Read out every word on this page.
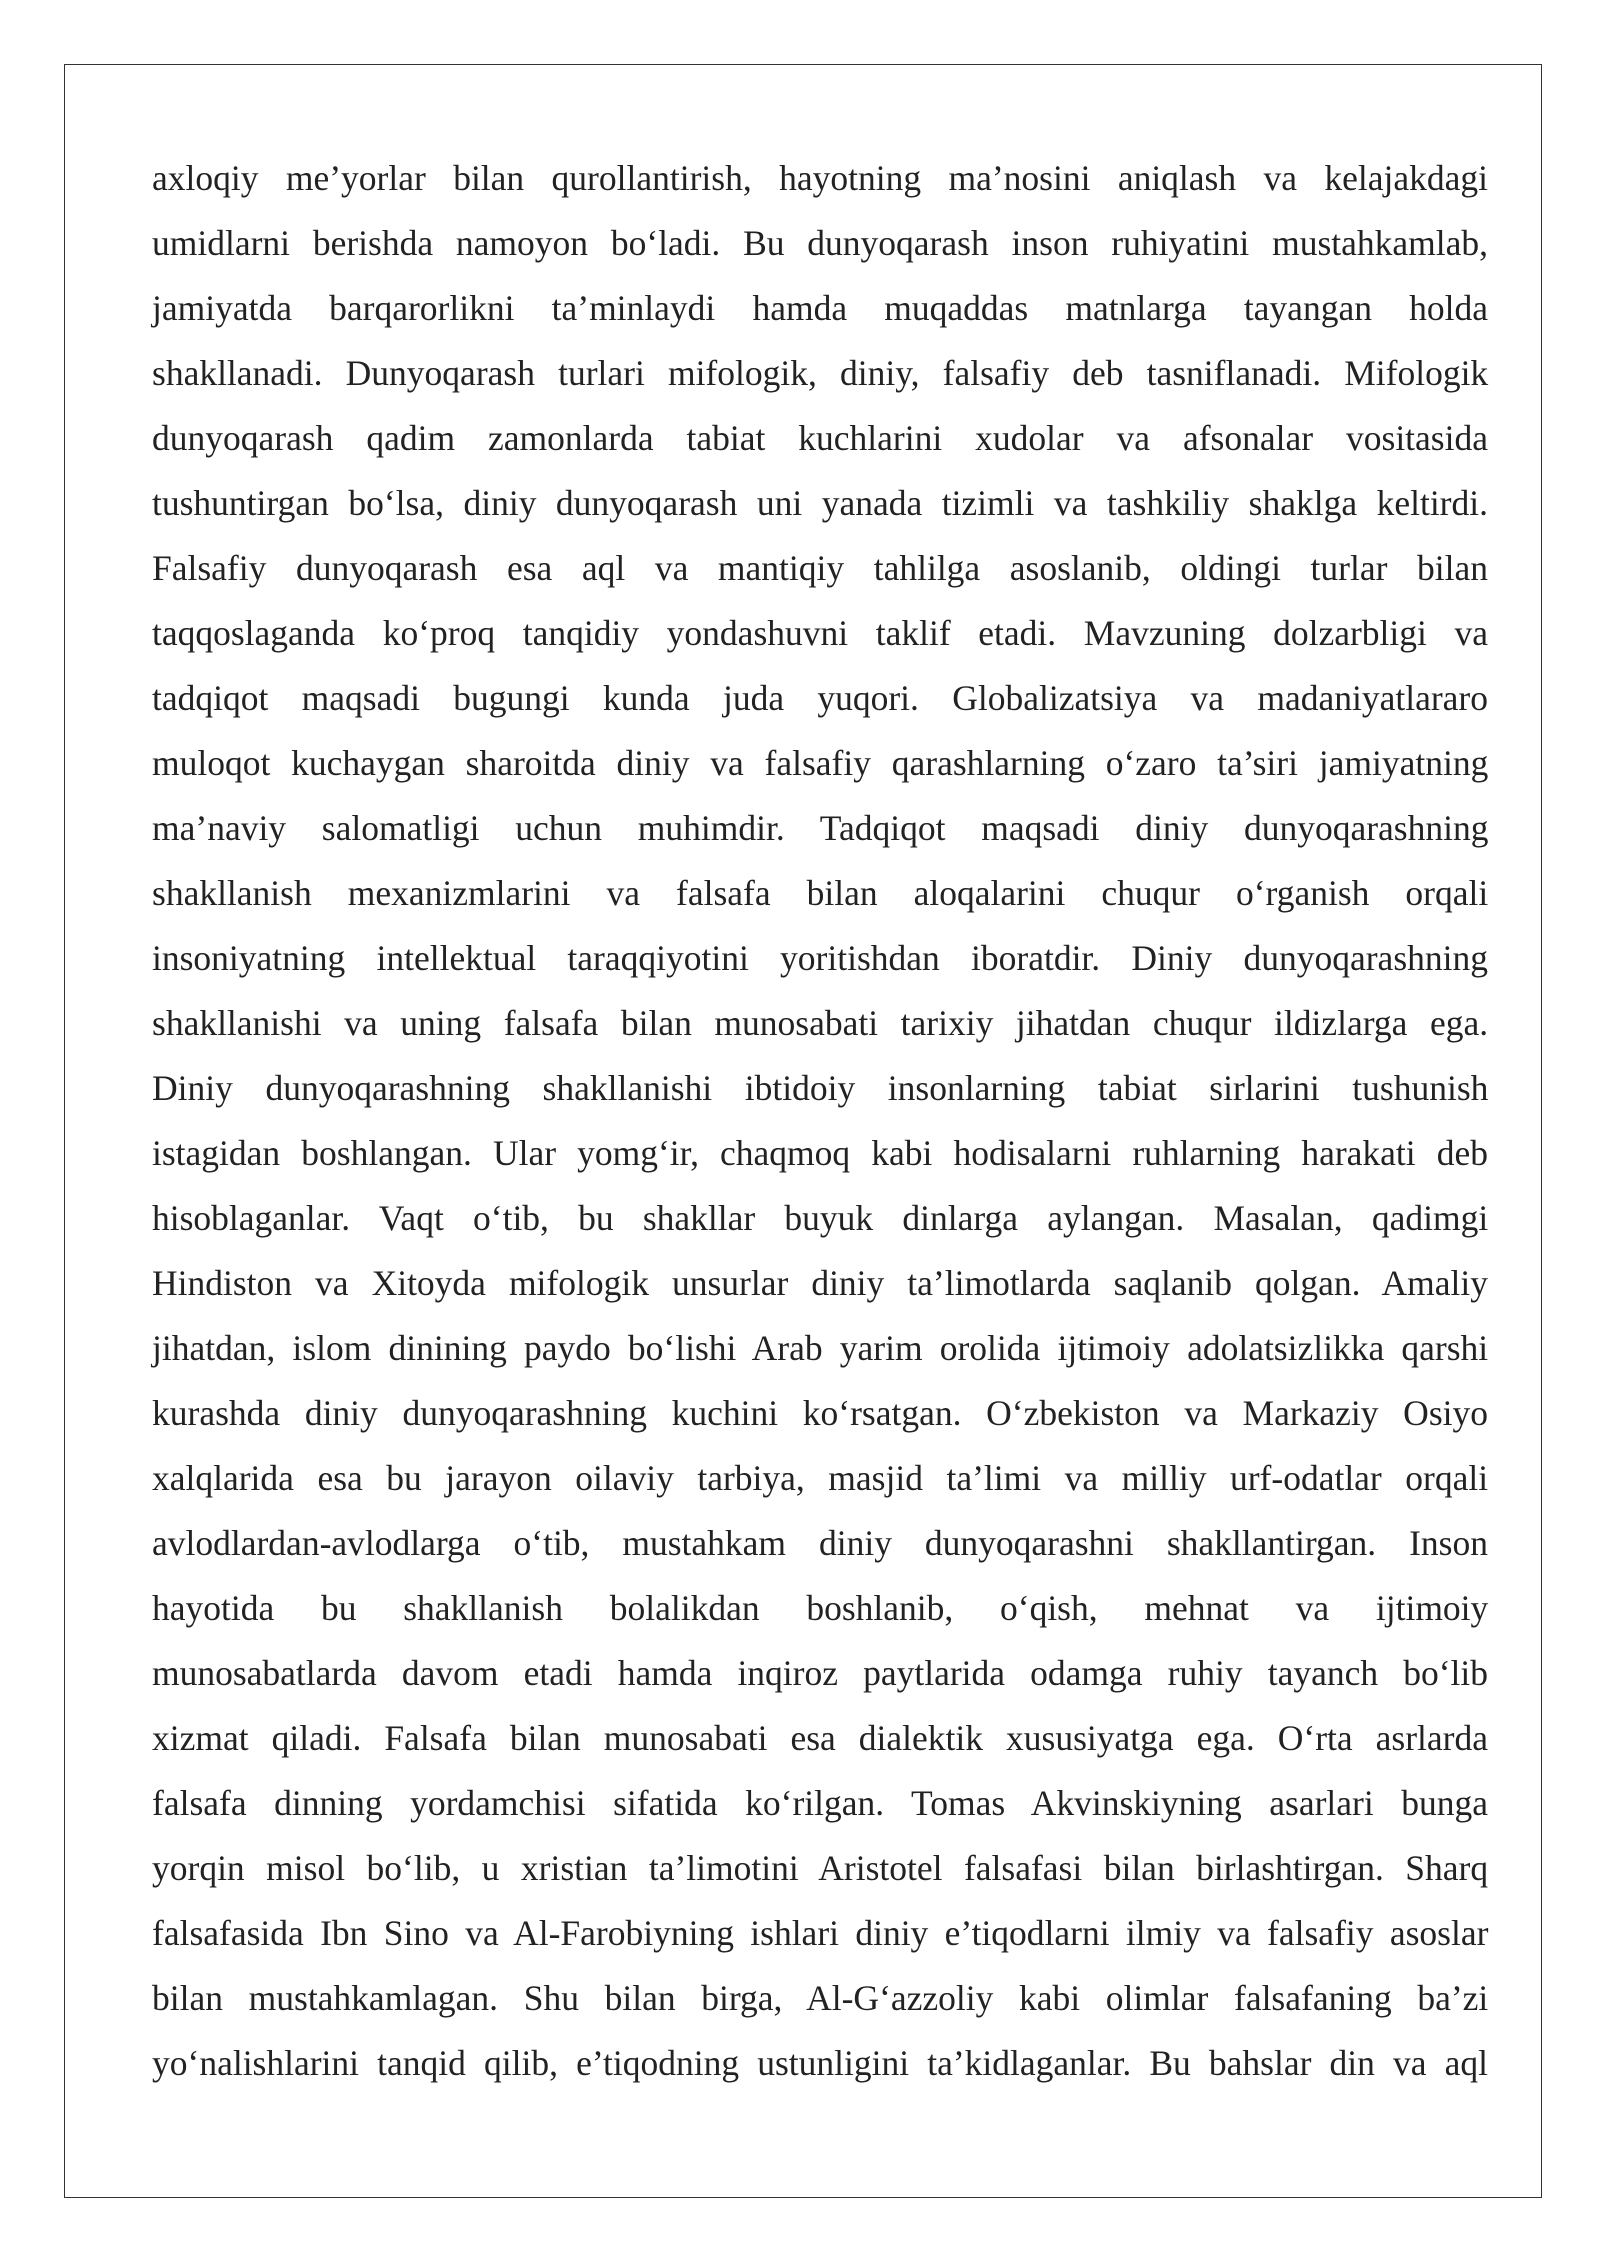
axloqiy me’yorlar bilan qurollantirish, hayotning ma’nosini aniqlash va kelajakdagi
umidlarni berishda namoyon bo‘ladi. Bu dunyoqarash inson ruhiyatini mustahkamlab,
jamiyatda barqarorlikni ta’minlaydi hamda muqaddas matnlarga tayangan holda
shakllanadi. Dunyoqarash turlari mifologik, diniy, falsafiy deb tasniflanadi. Mifologik
dunyoqarash qadim zamonlarda tabiat kuchlarini xudolar va afsonalar vositasida
tushuntirgan bo‘lsa, diniy dunyoqarash uni yanada tizimli va tashkiliy shaklga keltirdi.
Falsafiy dunyoqarash esa aql va mantiqiy tahlilga asoslanib, oldingi turlar bilan
taqqoslaganda ko‘proq tanqidiy yondashuvni taklif etadi. Mavzuning dolzarbligi va
tadqiqot maqsadi bugungi kunda juda yuqori. Globalizatsiya va madaniyatlararo
muloqot kuchaygan sharoitda diniy va falsafiy qarashlarning o‘zaro ta’siri jamiyatning
ma’naviy salomatligi uchun muhimdir. Tadqiqot maqsadi diniy dunyoqarashning
shakllanish mexanizmlarini va falsafa bilan aloqalarini chuqur o‘rganish orqali
insoniyatning intellektual taraqqiyotini yoritishdan iboratdir. Diniy dunyoqarashning
shakllanishi va uning falsafa bilan munosabati tarixiy jihatdan chuqur ildizlarga ega.
Diniy dunyoqarashning shakllanishi ibtidoiy insonlarning tabiat sirlarini tushunish
istagidan boshlangan. Ular yomg‘ir, chaqmoq kabi hodisalarni ruhlarning harakati deb
hisoblaganlar. Vaqt o‘tib, bu shakllar buyuk dinlarga aylangan. Masalan, qadimgi
Hindiston va Xitoyda mifologik unsurlar diniy ta’limotlarda saqlanib qolgan. Amaliy
jihatdan, islom dinining paydo bo‘lishi Arab yarim orolida ijtimoiy adolatsizlikka qarshi
kurashda diniy dunyoqarashning kuchini ko‘rsatgan. O‘zbekiston va Markaziy Osiyo
xalqlarida esa bu jarayon oilaviy tarbiya, masjid ta’limi va milliy urf-odatlar orqali
avlodlardan-avlodlarga o‘tib, mustahkam diniy dunyoqarashni shakllantirgan. Inson
hayotida bu shakllanish bolalikdan boshlanib, o‘qish, mehnat va ijtimoiy
munosabatlarda davom etadi hamda inqiroz paytlarida odamga ruhiy tayanch bo‘lib
xizmat qiladi. Falsafa bilan munosabati esa dialektik xususiyatga ega. O‘rta asrlarda
falsafa dinning yordamchisi sifatida ko‘rilgan. Tomas Akvinskiyning asarlari bunga
yorqin misol bo‘lib, u xristian ta’limotini Aristotel falsafasi bilan birlashtirgan. Sharq
falsafasida Ibn Sino va Al-Farobiyning ishlari diniy e’tiqodlarni ilmiy va falsafiy asoslar
bilan mustahkamlagan. Shu bilan birga, Al-G‘azzoliy kabi olimlar falsafaning ba’zi
yo‘nalishlarini tanqid qilib, e’tiqodning ustunligini ta’kidlaganlar. Bu bahslar din va aql
